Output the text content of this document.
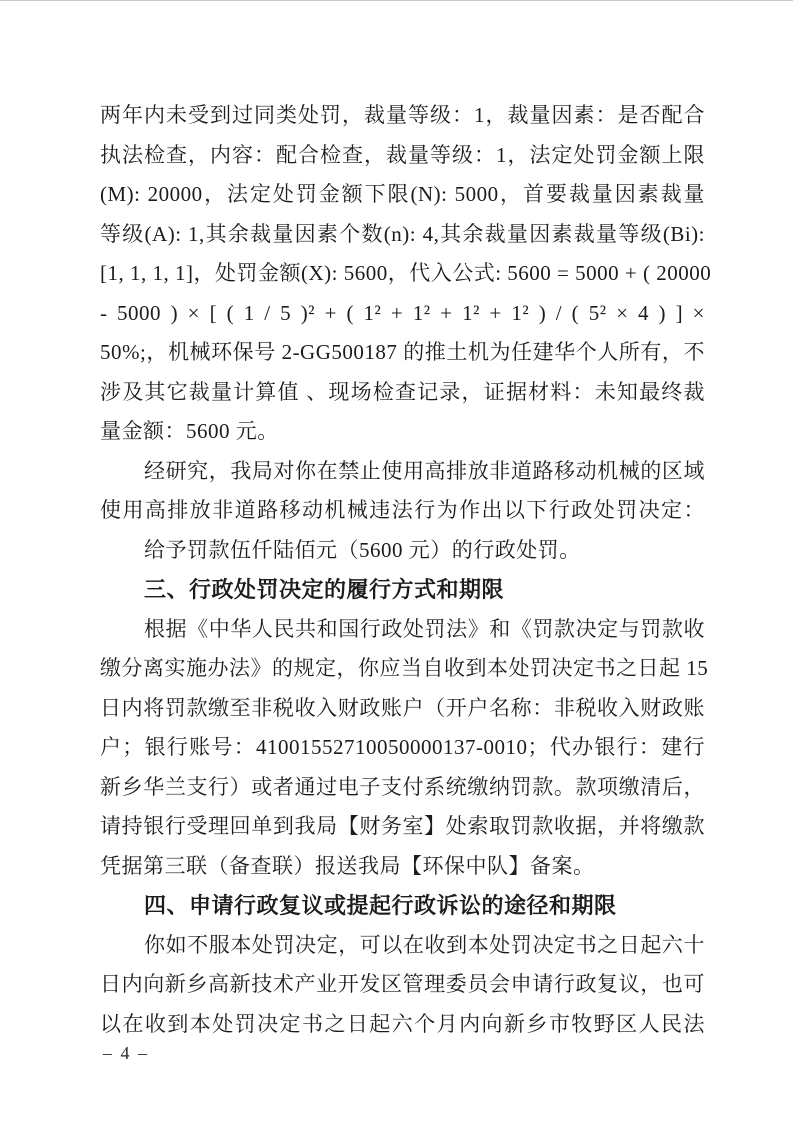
两年内未受到过同类处罚，裁量等级：1，裁量因素：是否配合
执法检查，内容：配合检查，裁量等级：1，法定处罚金额上限
(M): 20000，法定处罚金额下限(N): 5000，首要裁量因素裁量
等级(A): 1,其余裁量因素个数(n): 4,其余裁量因素裁量等级(Bi):
[1, 1, 1, 1]，处罚金额(X): 5600，代入公式: 5600 = 5000 + ( 20000
- 5000 ) × [ ( 1 / 5 )² + ( 1² + 1² + 1² + 1² ) / ( 5² × 4 ) ] ×
50%;，机械环保号 2-GG500187 的推土机为任建华个人所有，不
涉及其它裁量计算值 、现场检查记录，证据材料：未知最终裁
量金额：5600 元。
经研究，我局对你在禁止使用高排放非道路移动机械的区域
使用高排放非道路移动机械违法行为作出以下行政处罚决定：
给予罚款伍仟陆佰元（5600 元）的行政处罚。
三、行政处罚决定的履行方式和期限
根据《中华人民共和国行政处罚法》和《罚款决定与罚款收
缴分离实施办法》的规定，你应当自收到本处罚决定书之日起 15
日内将罚款缴至非税收入财政账户（开户名称：非税收入财政账
户；银行账号：41001552710050000137-0010；代办银行：建行
新乡华兰支行）或者通过电子支付系统缴纳罚款。款项缴清后，
请持银行受理回单到我局【财务室】处索取罚款收据，并将缴款
凭据第三联（备查联）报送我局【环保中队】备案。
四、申请行政复议或提起行政诉讼的途径和期限
你如不服本处罚决定，可以在收到本处罚决定书之日起六十
日内向新乡高新技术产业开发区管理委员会申请行政复议，也可
以在收到本处罚决定书之日起六个月内向新乡市牧野区人民法
– 4 –
